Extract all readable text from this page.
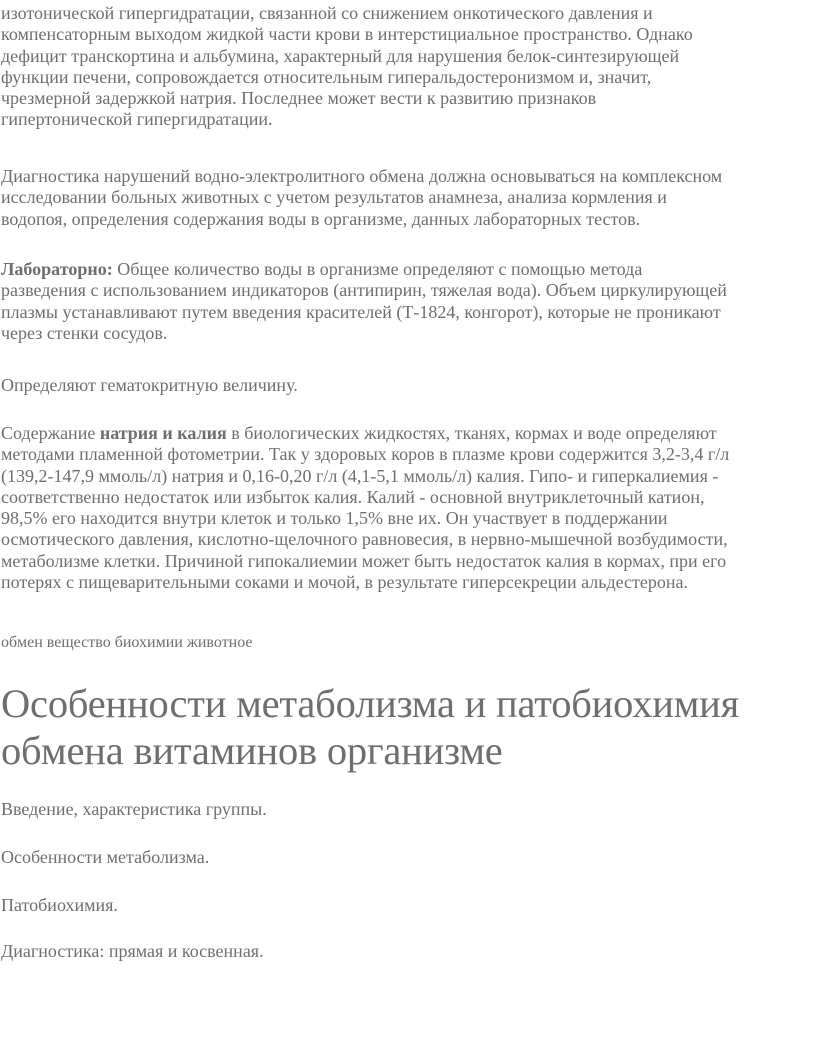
изотонической гипергидратации, связанной со снижением онкотического давления и
компенсаторным выходом жидкой части крови в интерстициальное пространство. Однако
дефицит транскортина и альбумина, характерный для нарушения белок-синтезирующей
функции печени, сопровождается относительным гиперальдостеронизмом и, значит,
чрезмерной задержкой натрия. Последнее может вести к развитию признаков
гипертонической гипергидратации.
Диагностика нарушений водно-электролитного обмена должна основываться на комплексном
исследовании больных животных с учетом результатов анамнеза, анализа кормления и
водопоя, определения содержания воды в организме, данных лабораторных тестов.
Лабораторно: Общее количество воды в организме определяют с помощью метода
разведения с использованием индикаторов (антипирин, тяжелая вода). Объем циркулирующей
плазмы устанавливают путем введения красителей (Т-1824, конгорот), которые не проникают
через стенки сосудов.
Определяют гематокритную величину.
Содержание натрия и калия в биологических жидкостях, тканях, кормах и воде определяют
методами пламенной фотометрии. Так у здоровых коров в плазме крови содержится 3,2-3,4 г/л
(139,2-147,9 ммоль/л) натрия и 0,16-0,20 г/л (4,1-5,1 ммоль/л) калия. Гипо- и гиперкалиемия -
соответственно недостаток или избыток калия. Калий - основной внутриклеточный катион,
98,5% его находится внутри клеток и только 1,5% вне их. Он участвует в поддержании
осмотического давления, кислотно-щелочного равновесия, в нервно-мышечной возбудимости,
метаболизме клетки. Причиной гипокалиемии может быть недостаток калия в кормах, при его
потерях с пищеварительными соками и мочой, в результате гиперсекреции альдестерона.
обмен вещество биохимии животное
Особенности метаболизма и патобиохимия
обмена витаминов организме
Введение, характеристика группы.
Особенности метаболизма.
Патобиохимия.
Диагностика: прямая и косвенная.
